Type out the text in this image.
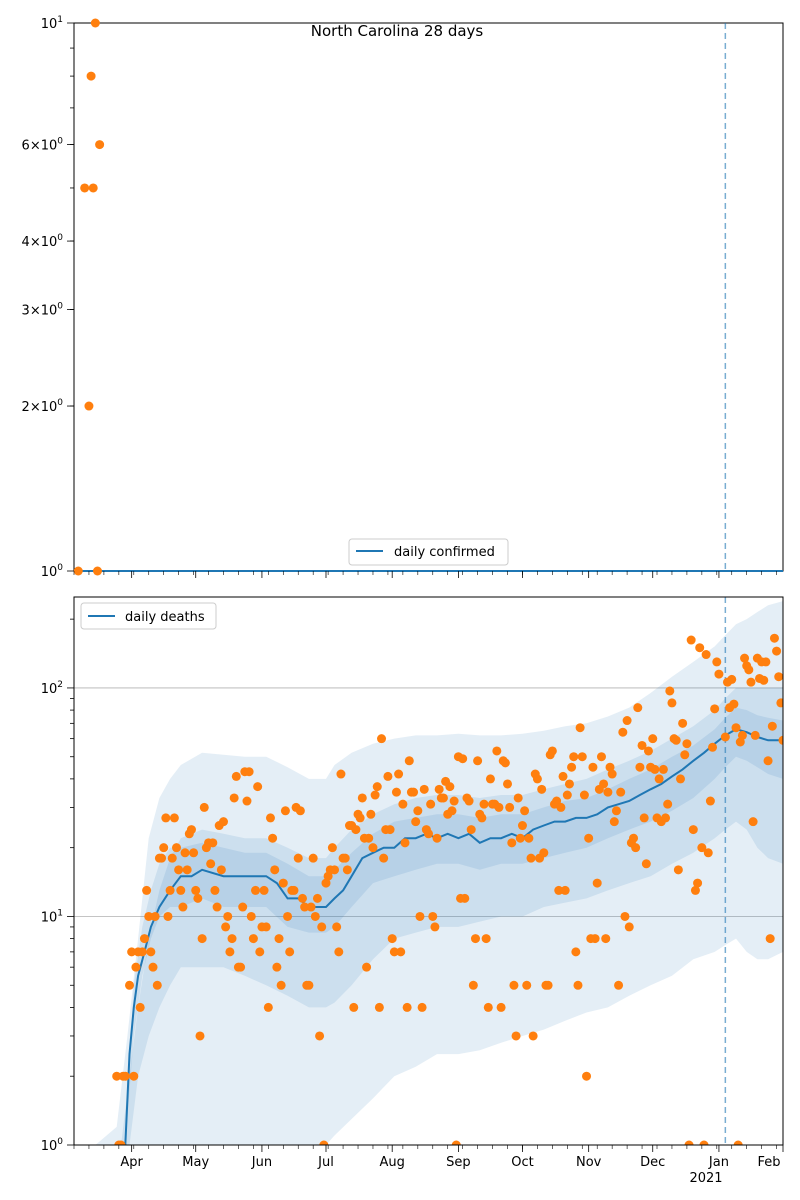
North Carolina 28 days
$10^1$
$6\times 10^0$
$4\times 10^0$
$3\times 10^0$
$2\times 10^0$
$10^0$
daily confirmed
$10^0$
$10^1$
$10^2$
Apr	May	Jun	Jul	Aug	Sep	Oct	Nov	Dec	Jan Feb
2021
daily deaths
